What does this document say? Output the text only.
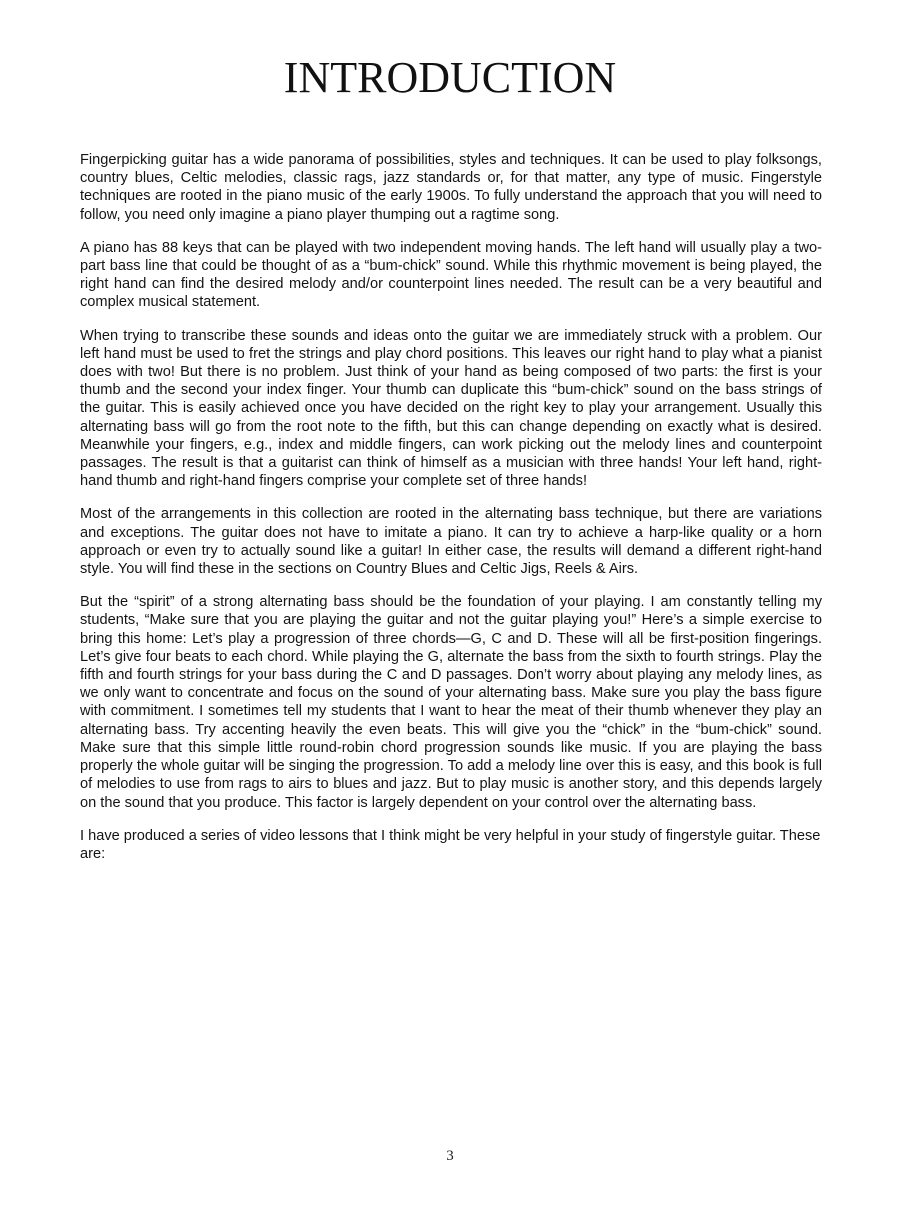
INTRODUCTION

Fingerpicking guitar has a wide panorama of possibilities, styles and techniques. It can be used to play folksongs, country blues, Celtic melodies, classic rags, jazz standards or, for that matter, any type of music. Fingerstyle techniques are rooted in the piano music of the early 1900s. To fully understand the approach that you will need to follow, you need only imagine a piano player thumping out a ragtime song.

A piano has 88 keys that can be played with two independent moving hands. The left hand will usually play a two-part bass line that could be thought of as a “bum-chick” sound. While this rhythmic movement is being played, the right hand can find the desired melody and/or counterpoint lines needed. The result can be a very beautiful and complex musical statement.

When trying to transcribe these sounds and ideas onto the guitar we are immediately struck with a problem. Our left hand must be used to fret the strings and play chord positions. This leaves our right hand to play what a pianist does with two! But there is no problem. Just think of your hand as being composed of two parts: the first is your thumb and the second your index finger. Your thumb can duplicate this “bum-chick” sound on the bass strings of the guitar. This is easily achieved once you have decided on the right key to play your arrangement. Usually this alternating bass will go from the root note to the fifth, but this can change depending on exactly what is desired. Meanwhile your fingers, e.g., index and middle fingers, can work picking out the melody lines and counterpoint passages. The result is that a guitarist can think of himself as a musician with three hands! Your left hand, right-hand thumb and right-hand fingers comprise your complete set of three hands!

Most of the arrangements in this collection are rooted in the alternating bass technique, but there are variations and exceptions. The guitar does not have to imitate a piano. It can try to achieve a harp-like quality or a horn approach or even try to actually sound like a guitar! In either case, the results will demand a different right-hand style. You will find these in the sections on Country Blues and Celtic Jigs, Reels & Airs.

But the “spirit” of a strong alternating bass should be the foundation of your playing. I am constantly telling my students, “Make sure that you are playing the guitar and not the guitar playing you!” Here’s a simple exercise to bring this home: Let’s play a progression of three chords—G, C and D. These will all be first-position fingerings. Let’s give four beats to each chord. While playing the G, alternate the bass from the sixth to fourth strings. Play the fifth and fourth strings for your bass during the C and D passages. Don’t worry about playing any melody lines, as we only want to concentrate and focus on the sound of your alternating bass. Make sure you play the bass figure with commitment. I sometimes tell my students that I want to hear the meat of their thumb whenever they play an alternating bass. Try accenting heavily the even beats. This will give you the “chick” in the “bum-chick” sound. Make sure that this simple little round-robin chord progression sounds like music. If you are playing the bass properly the whole guitar will be singing the progression. To add a melody line over this is easy, and this book is full of melodies to use from rags to airs to blues and jazz. But to play music is another story, and this depends largely on the sound that you produce. This factor is largely dependent on your control over the alternating bass.

I have produced a series of video lessons that I think might be very helpful in your study of fingerstyle guitar. These are:

3
